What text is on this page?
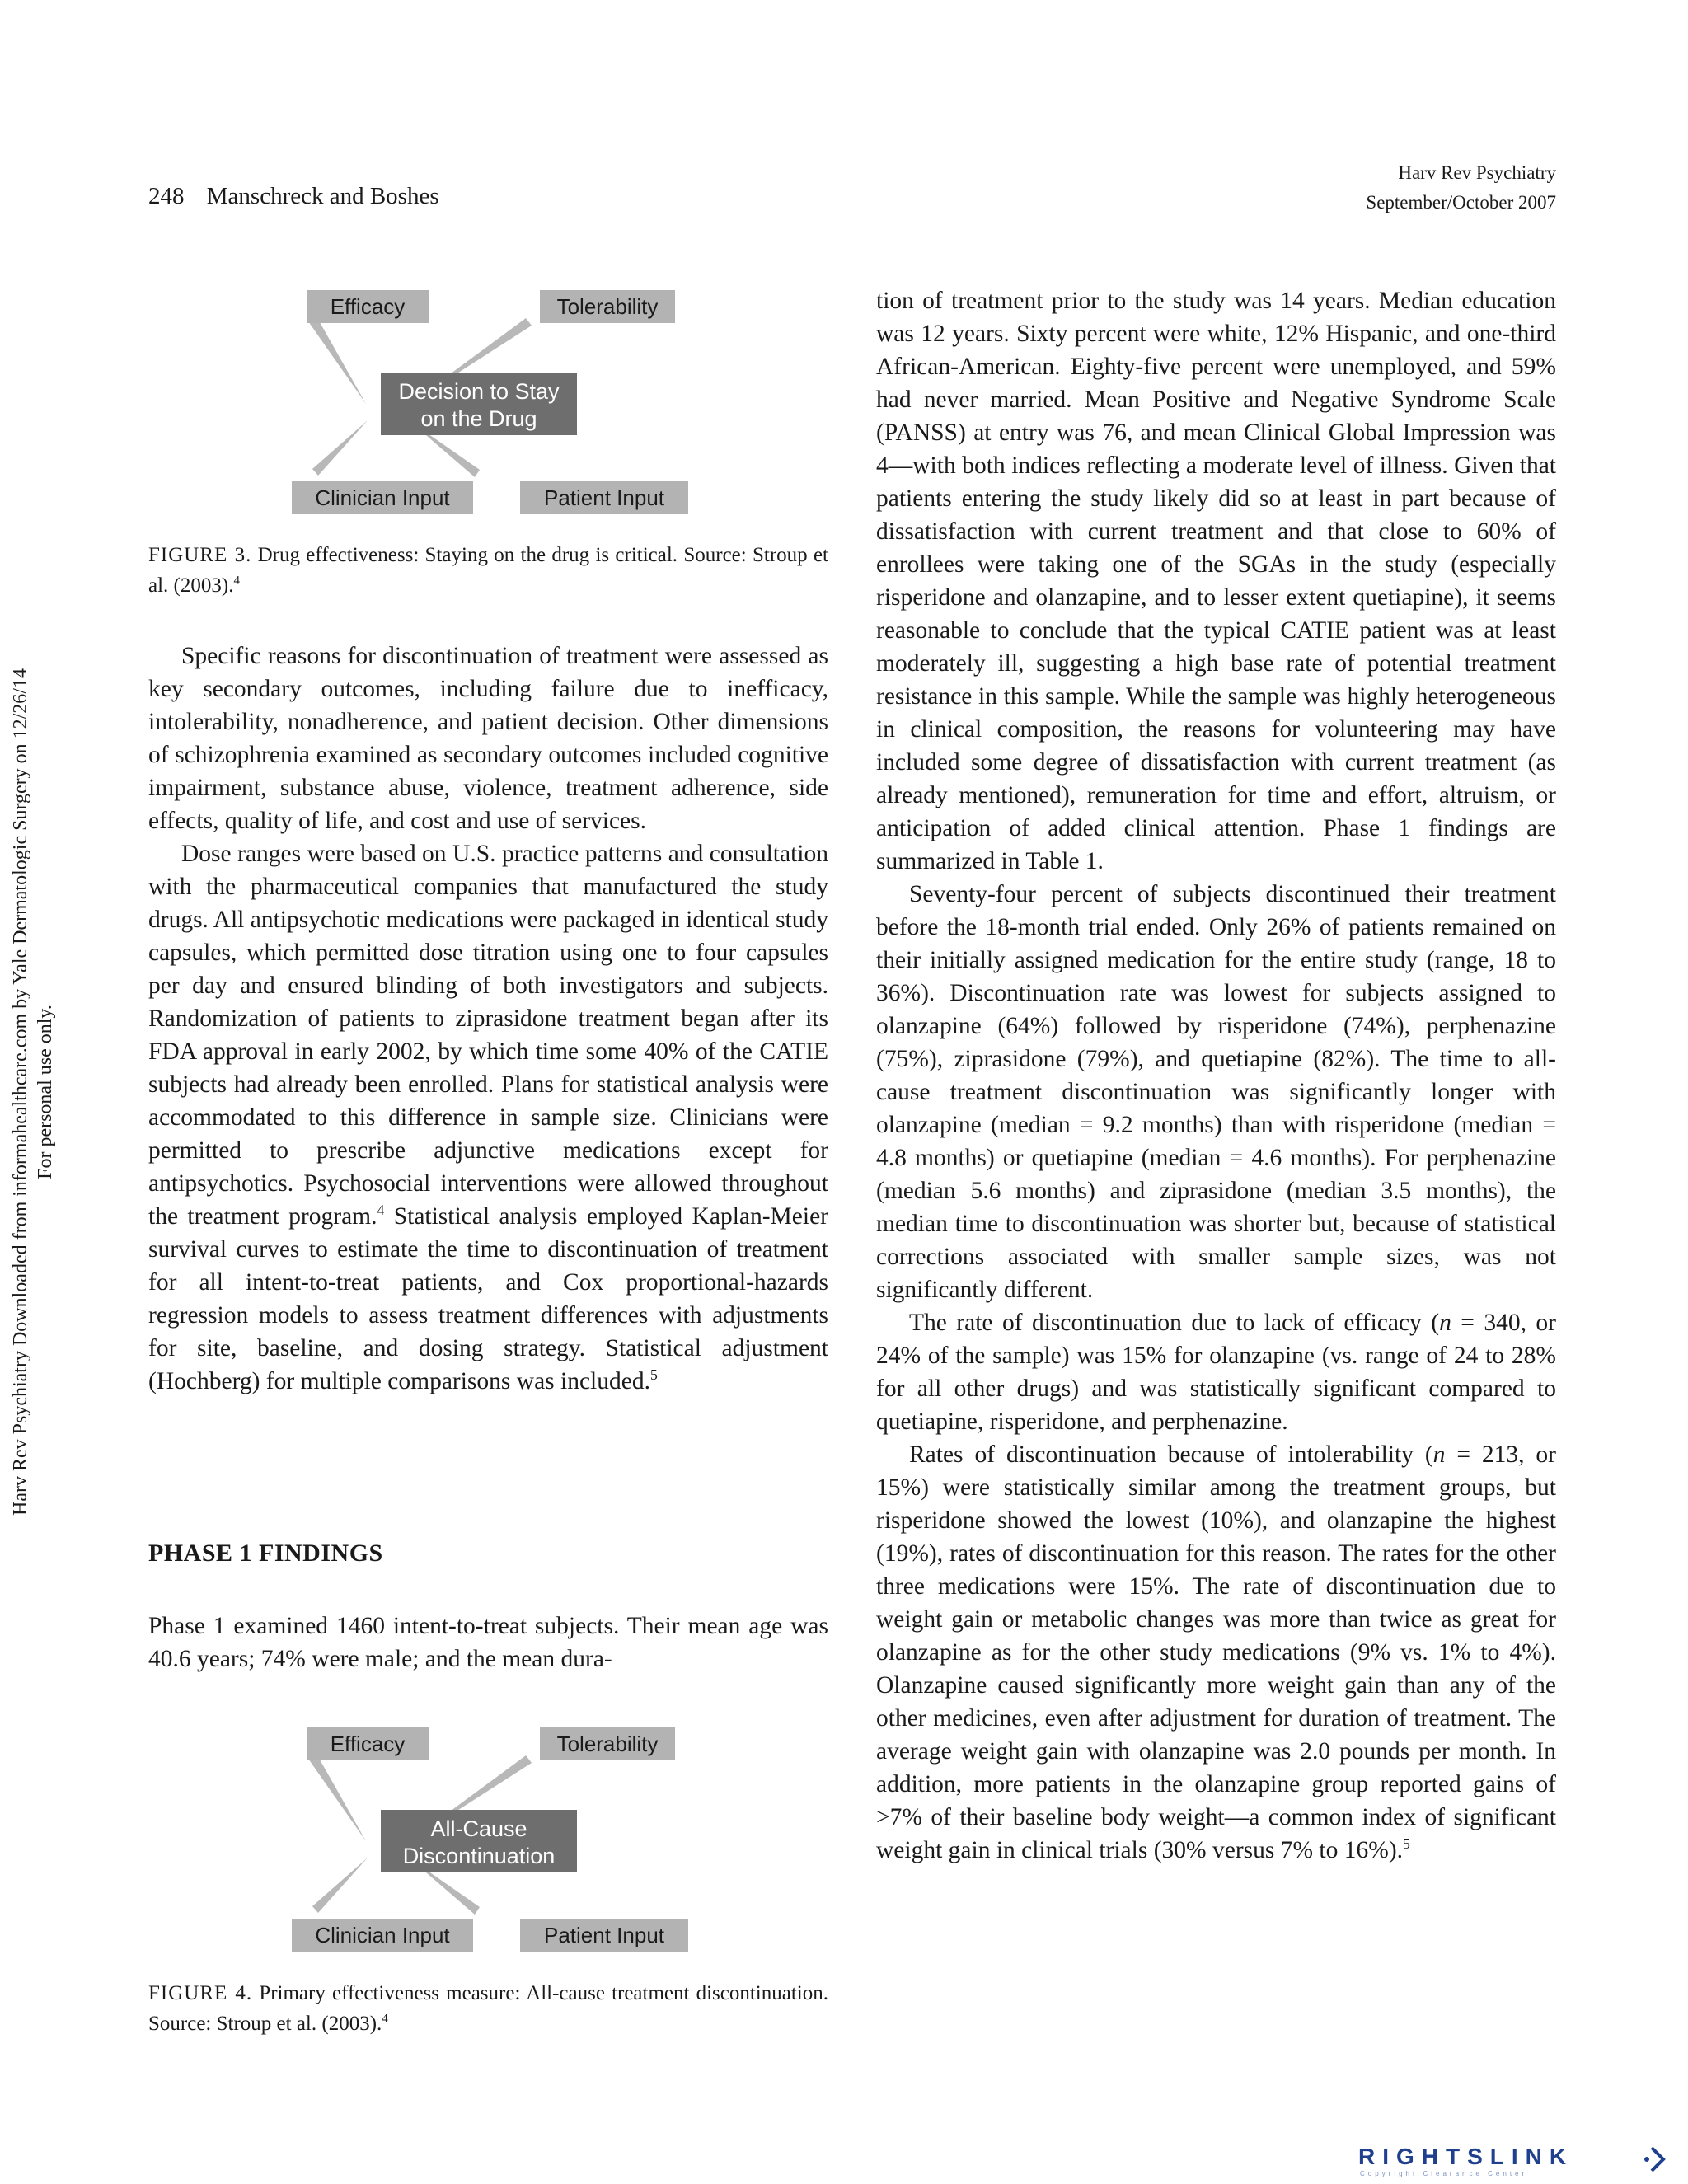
248 Manschreck and Boshes
Harv Rev Psychiatry
September/October 2007
Harv Rev Psychiatry Downloaded from informahealthcare.com by Yale Dermatologic Surgery on 12/26/14 For personal use only.
Efficacy	Tolerability
Decision to Stay
on the Drug
Clinician Input	Patient Input
FIGURE 3. Drug effectiveness: Staying on the drug is critical. Source: Stroup et al. (2003).$^4$

Specific reasons for discontinuation of treatment were assessed as key secondary outcomes, including failure due to inefficacy, intolerability, nonadherence, and patient decision. Other dimensions of schizophrenia examined as secondary outcomes included cognitive impairment, substance abuse, violence, treatment adherence, side effects, quality of life, and cost and use of services.

Dose ranges were based on U.S. practice patterns and consultation with the pharmaceutical companies that manufactured the study drugs. All antipsychotic medications were packaged in identical study capsules, which permitted dose titration using one to four capsules per day and ensured blinding of both investigators and subjects. Randomization of patients to ziprasidone treatment began after its FDA approval in early 2002, by which time some 40% of the CATIE subjects had already been enrolled. Plans for statistical analysis were accommodated to this difference in sample size. Clinicians were permitted to prescribe adjunctive medications except for antipsychotics. Psychosocial interventions were allowed throughout the treatment program.$^4$ Statistical analysis employed Kaplan-Meier survival curves to estimate the time to discontinuation of treatment for all intent-to-treat patients, and Cox proportional-hazards regression models to assess treatment differences with adjustments for site, baseline, and dosing strategy. Statistical adjustment (Hochberg) for multiple comparisons was included.$^5$

PHASE 1 FINDINGS

Phase 1 examined 1460 intent-to-treat subjects. Their mean age was 40.6 years; 74% were male; and the mean dura-

Efficacy	Tolerability
All-Cause
Discontinuation
Clinician Input	Patient Input
FIGURE 4. Primary effectiveness measure: All-cause treatment discontinuation. Source: Stroup et al. (2003).$^4$

tion of treatment prior to the study was 14 years. Median education was 12 years. Sixty percent were white, 12% Hispanic, and one-third African-American. Eighty-five percent were unemployed, and 59% had never married. Mean Positive and Negative Syndrome Scale (PANSS) at entry was 76, and mean Clinical Global Impression was 4—with both indices reflecting a moderate level of illness. Given that patients entering the study likely did so at least in part because of dissatisfaction with current treatment and that close to 60% of enrollees were taking one of the SGAs in the study (especially risperidone and olanzapine, and to lesser extent quetiapine), it seems reasonable to conclude that the typical CATIE patient was at least moderately ill, suggesting a high base rate of potential treatment resistance in this sample. While the sample was highly heterogeneous in clinical composition, the reasons for volunteering may have included some degree of dissatisfaction with current treatment (as already mentioned), remuneration for time and effort, altruism, or anticipation of added clinical attention. Phase 1 findings are summarized in Table 1.

Seventy-four percent of subjects discontinued their treatment before the 18-month trial ended. Only 26% of patients remained on their initially assigned medication for the entire study (range, 18 to 36%). Discontinuation rate was lowest for subjects assigned to olanzapine (64%) followed by risperidone (74%), perphenazine (75%), ziprasidone (79%), and quetiapine (82%). The time to all-cause treatment discontinuation was significantly longer with olanzapine (median = 9.2 months) than with risperidone (median = 4.8 months) or quetiapine (median = 4.6 months). For perphenazine (median 5.6 months) and ziprasidone (median 3.5 months), the median time to discontinuation was shorter but, because of statistical corrections associated with smaller sample sizes, was not significantly different.

The rate of discontinuation due to lack of efficacy (n = 340, or 24% of the sample) was 15% for olanzapine (vs. range of 24 to 28% for all other drugs) and was statistically significant compared to quetiapine, risperidone, and perphenazine.

Rates of discontinuation because of intolerability (n = 213, or 15%) were statistically similar among the treatment groups, but risperidone showed the lowest (10%), and olanzapine the highest (19%), rates of discontinuation for this reason. The rates for the other three medications were 15%. The rate of discontinuation due to weight gain or metabolic changes was more than twice as great for olanzapine as for the other study medications (9% vs. 1% to 4%). Olanzapine caused significantly more weight gain than any of the other medicines, even after adjustment for duration of treatment. The average weight gain with olanzapine was 2.0 pounds per month. In addition, more patients in the olanzapine group reported gains of >7% of their baseline body weight—a common index of significant weight gain in clinical trials (30% versus 7% to 16%).$^5$

RIGHTSLINK
Copyright Clearance Center
